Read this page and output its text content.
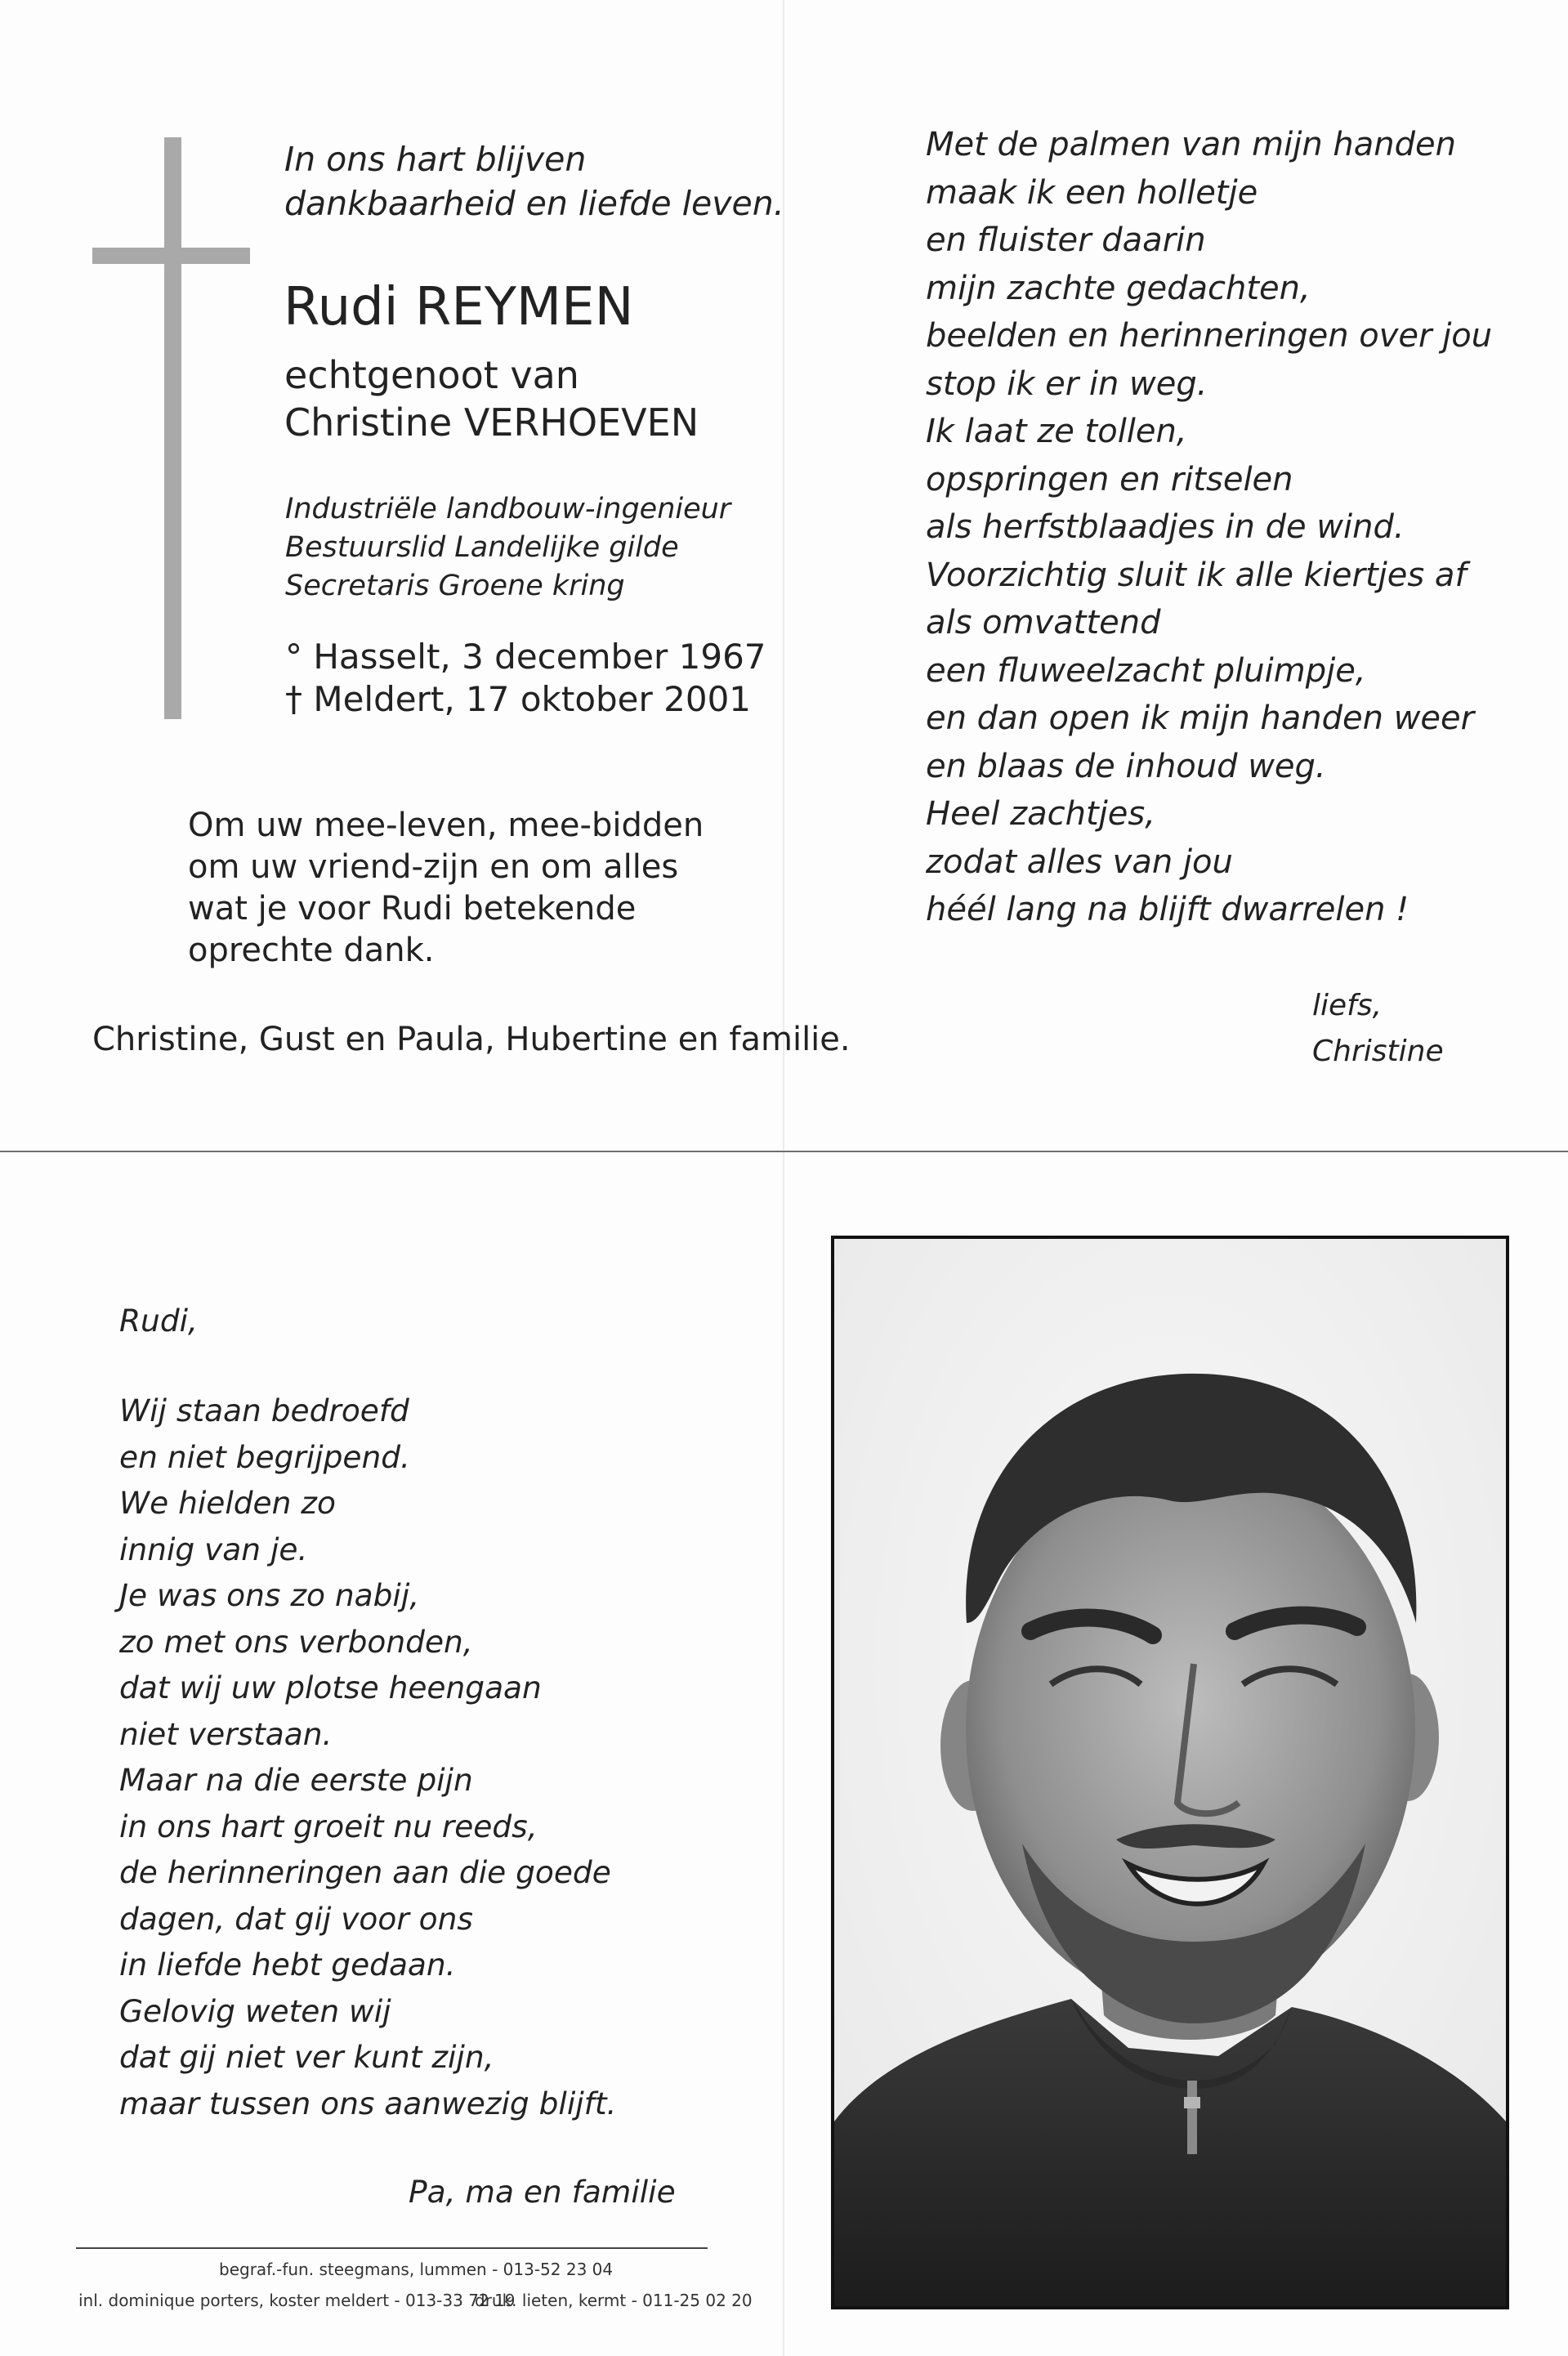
In ons hart blijven
dankbaarheid en liefde leven.
Rudi REYMEN
echtgenoot van
Christine VERHOEVEN
Industriële landbouw-ingenieur
Bestuurslid Landelijke gilde
Secretaris Groene kring
° Hasselt, 3 december 1967
† Meldert, 17 oktober 2001
Om uw mee-leven, mee-bidden
om uw vriend-zijn en om alles
wat je voor Rudi betekende
oprechte dank.
Christine, Gust en Paula, Hubertine en familie.
Met de palmen van mijn handen
maak ik een holletje
en fluister daarin
mijn zachte gedachten,
beelden en herinneringen over jou
stop ik er in weg.
Ik laat ze tollen,
opspringen en ritselen
als herfstblaadjes in de wind.
Voorzichtig sluit ik alle kiertjes af
als omvattend
een fluweelzacht pluimpje,
en dan open ik mijn handen weer
en blaas de inhoud weg.
Heel zachtjes,
zodat alles van jou
héél lang na blijft dwarrelen !
liefs,
Christine
Rudi,
Wij staan bedroefd
en niet begrijpend.
We hielden zo
innig van je.
Je was ons zo nabij,
zo met ons verbonden,
dat wij uw plotse heengaan
niet verstaan.
Maar na die eerste pijn
in ons hart groeit nu reeds,
de herinneringen aan die goede
dagen, dat gij voor ons
in liefde hebt gedaan.
Gelovig weten wij
dat gij niet ver kunt zijn,
maar tussen ons aanwezig blijft.
Pa, ma en familie
begraf.-fun. steegmans, lummen - 013-52 23 04
inl. dominique porters, koster meldert - 013-33 72 19
druk. lieten, kermt - 011-25 02 20
